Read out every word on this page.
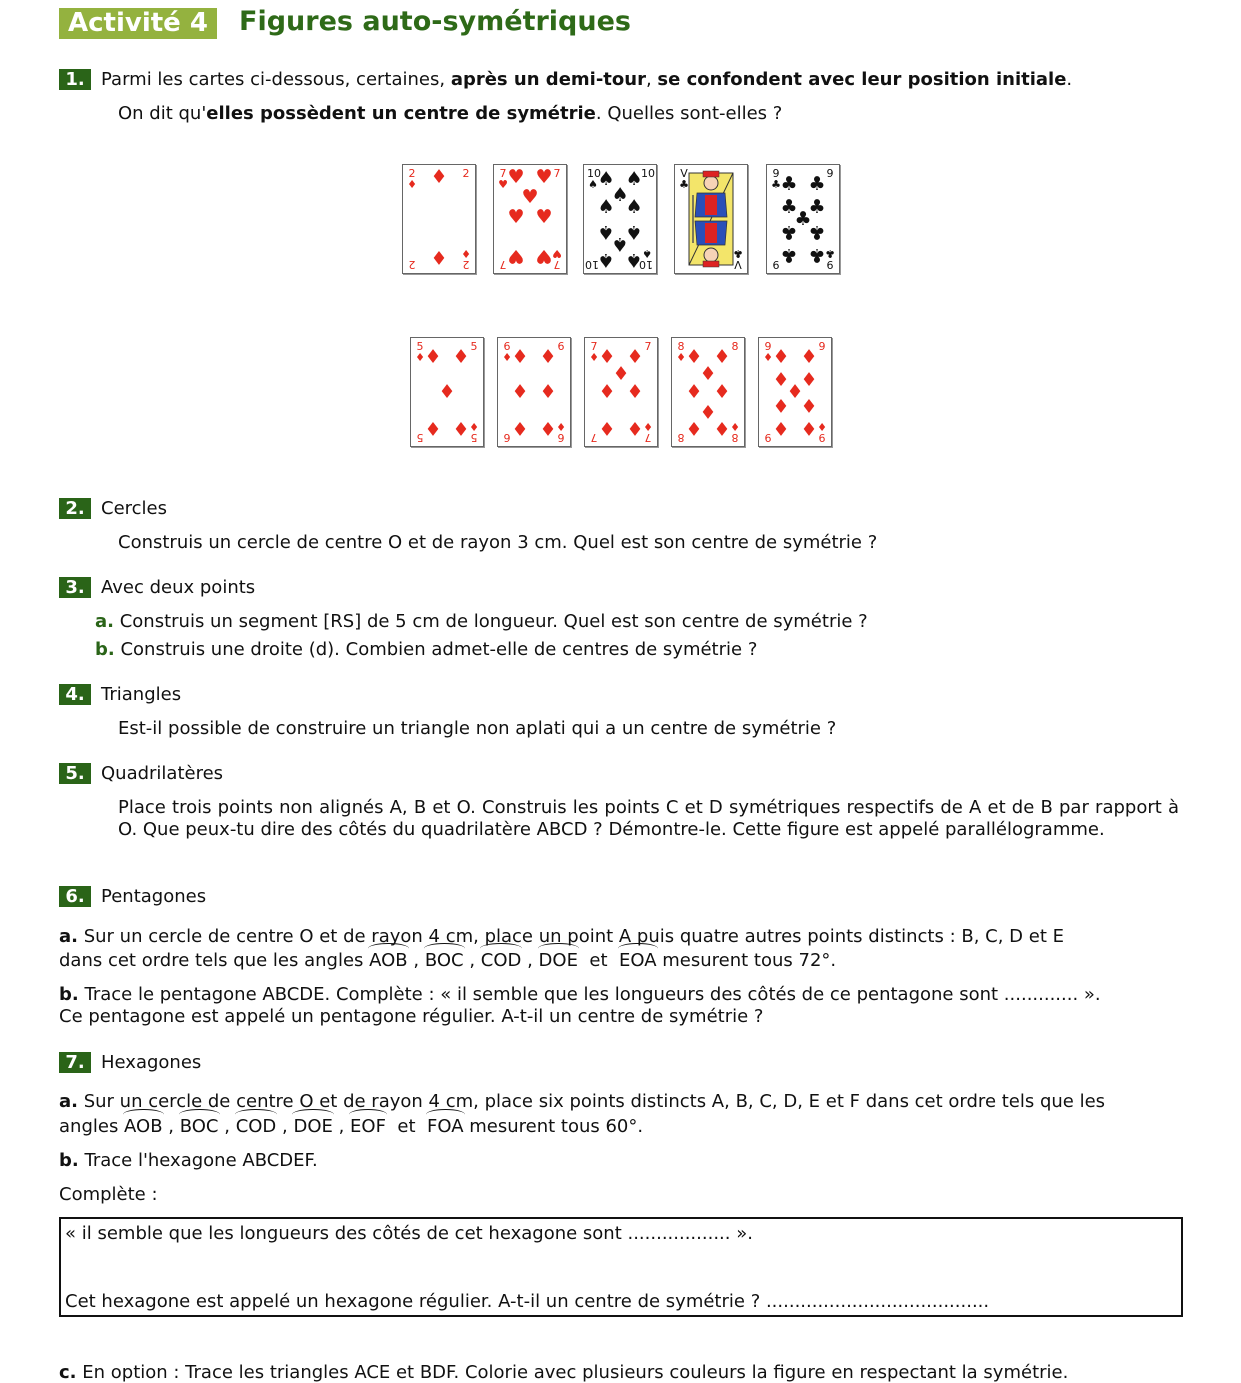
Activité 4	Figures auto-symétriques
1. Parmi les cartes ci-dessous, certaines, après un demi-tour, se confondent avec leur position initiale.
On dit qu'elles possèdent un centre de symétrie. Quelles sont-elles ?
2
♦
2
♦
2
2
♦
♦
7
♥
7
♥
7
7
♥ ♥
♥
♥ ♥
♥ ♥
10
♠
10
♠
10
10
♠ ♠
♠
♠ ♠
♠ ♠
♠
♠ ♠
V
♣
V
♣
9
♣
9
♣
9
9
♣ ♣
♣ ♣
♣
♣ ♣
♣ ♣
5
♦
5
♦
5
5
♦ ♦
♦
♦ ♦
6
♦
6
♦
6
6
♦ ♦
♦ ♦
♦ ♦
7
♦
7
♦
7
7
♦ ♦
♦
♦ ♦
♦ ♦
8
♦
8
♦
8
8
♦ ♦
♦
♦ ♦
♦
♦ ♦
9
♦
9
♦
9
9
♦ ♦
♦ ♦
♦
♦ ♦
♦ ♦
2. Cercles
Construis un cercle de centre O et de rayon 3 cm. Quel est son centre de symétrie ?
3. Avec deux points
a. Construis un segment [RS] de 5 cm de longueur. Quel est son centre de symétrie ?
b. Construis une droite (d). Combien admet-elle de centres de symétrie ?
4. Triangles
Est-il possible de construire un triangle non aplati qui a un centre de symétrie ?
5. Quadrilatères
Place trois points non alignés A, B et O. Construis les points C et D symétriques respectifs de A et de B par rapport à O. Que peux-tu dire des côtés du quadrilatère ABCD ? Démontre-le. Cette figure est appelé parallélogramme.
6. Pentagones
a. Sur un cercle de centre O et de rayon 4 cm, place un point A puis quatre autres points distincts : B, C, D et E
dans cet ordre tels que les angles AOB , BOC , COD , DOE  et  EOA mesurent tous 72°.
b. Trace le pentagone ABCDE. Complète : « il semble que les longueurs des côtés de ce pentagone sont ............. ».
Ce pentagone est appelé un pentagone régulier. A-t-il un centre de symétrie ?
7. Hexagones
a. Sur un cercle de centre O et de rayon 4 cm, place six points distincts A, B, C, D, E et F dans cet ordre tels que les
angles AOB , BOC , COD , DOE , EOF  et  FOA mesurent tous 60°.
b. Trace l'hexagone ABCDEF.
Complète :
« il semble que les longueurs des côtés de cet hexagone sont .................. ».
Cet hexagone est appelé un hexagone régulier. A-t-il un centre de symétrie ? .......................................
c. En option : Trace les triangles ACE et BDF. Colorie avec plusieurs couleurs la figure en respectant la symétrie.
